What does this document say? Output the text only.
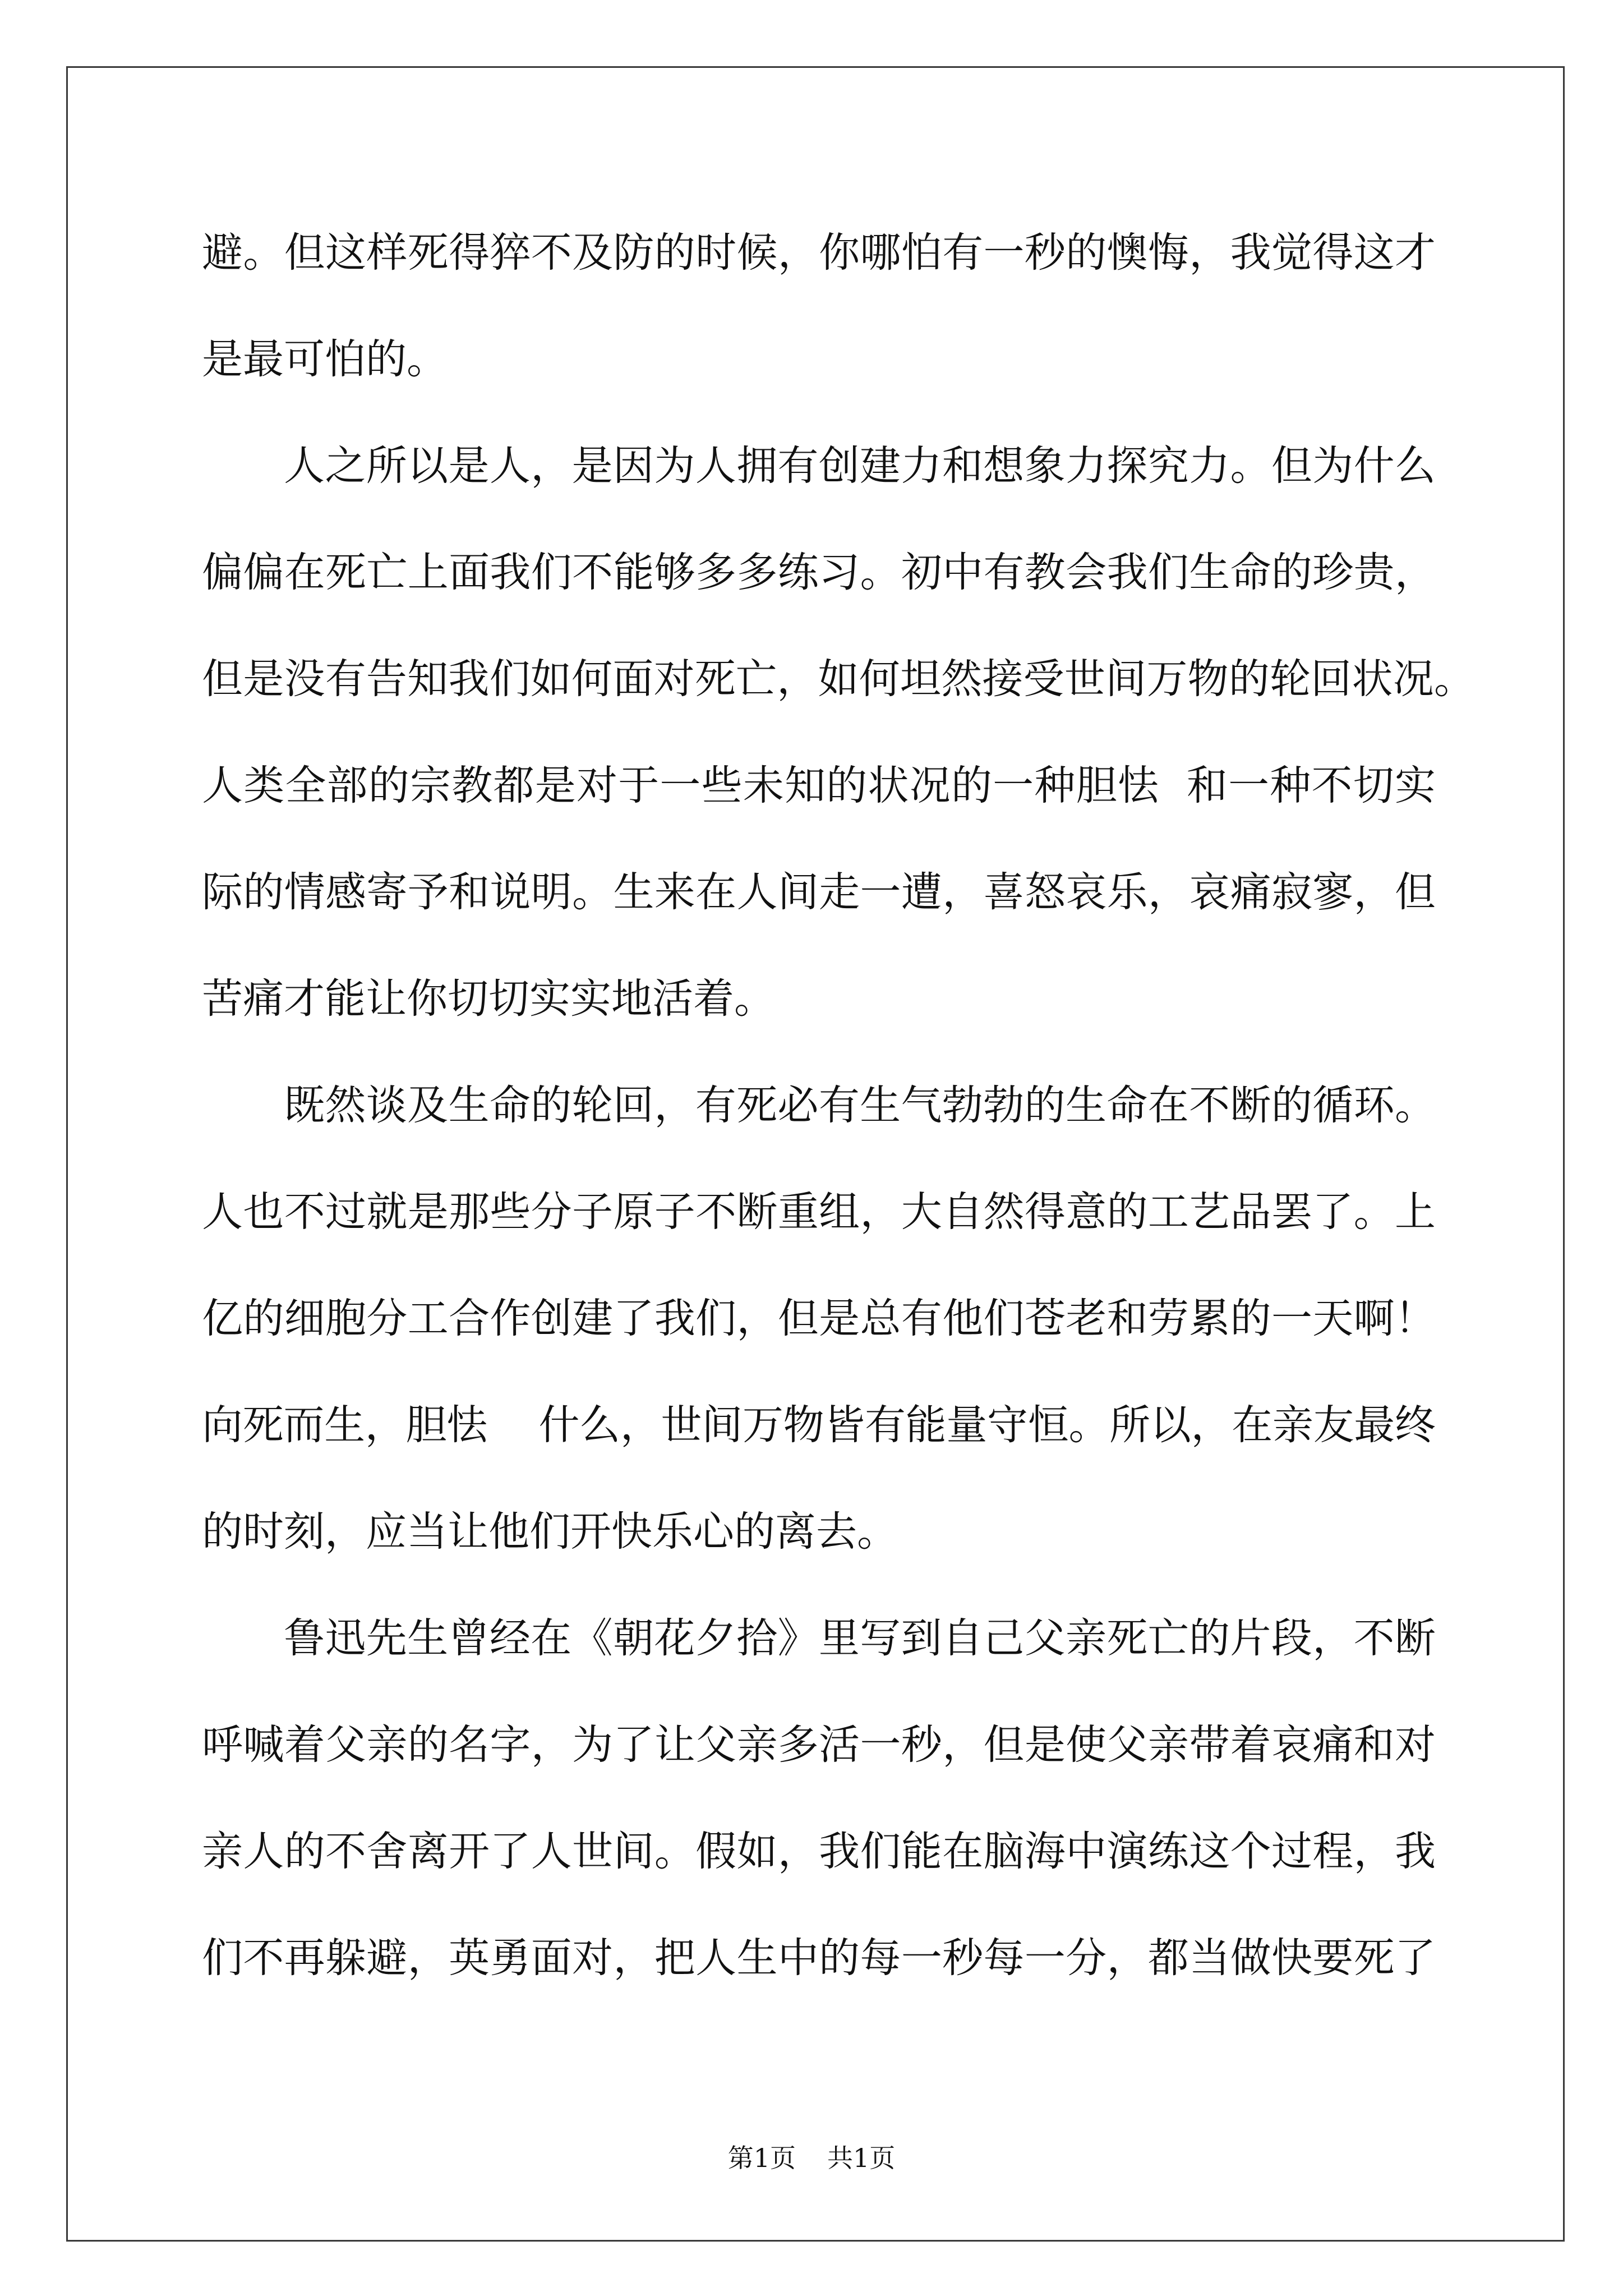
避。但这样死得猝不及防的时候，你哪怕有一秒的懊悔，我觉得这才
是最可怕的。
人之所以是人，是因为人拥有创建力和想象力探究力。但为什么
偏偏在死亡上面我们不能够多多练习。初中有教会我们生命的珍贵，
但是没有告知我们如何面对死亡，如何坦然接受世间万物的轮回状况。
人类全部的宗教都是对于一些未知的状况的一种胆怯  和一种不切实
际的情感寄予和说明。生来在人间走一遭，喜怒哀乐，哀痛寂寥，但
苦痛才能让你切切实实地活着。
既然谈及生命的轮回，有死必有生气勃勃的生命在不断的循环。
人也不过就是那些分子原子不断重组，大自然得意的工艺品罢了。上
亿的细胞分工合作创建了我们，但是总有他们苍老和劳累的一天啊！
向死而生，胆怯    什么，世间万物皆有能量守恒。所以，在亲友最终
的时刻，应当让他们开快乐心的离去。
鲁迅先生曾经在《朝花夕拾》里写到自己父亲死亡的片段，不断
呼喊着父亲的名字，为了让父亲多活一秒，但是使父亲带着哀痛和对
亲人的不舍离开了人世间。假如，我们能在脑海中演练这个过程，我
们不再躲避，英勇面对，把人生中的每一秒每一分，都当做快要死了
第1页 共1页
